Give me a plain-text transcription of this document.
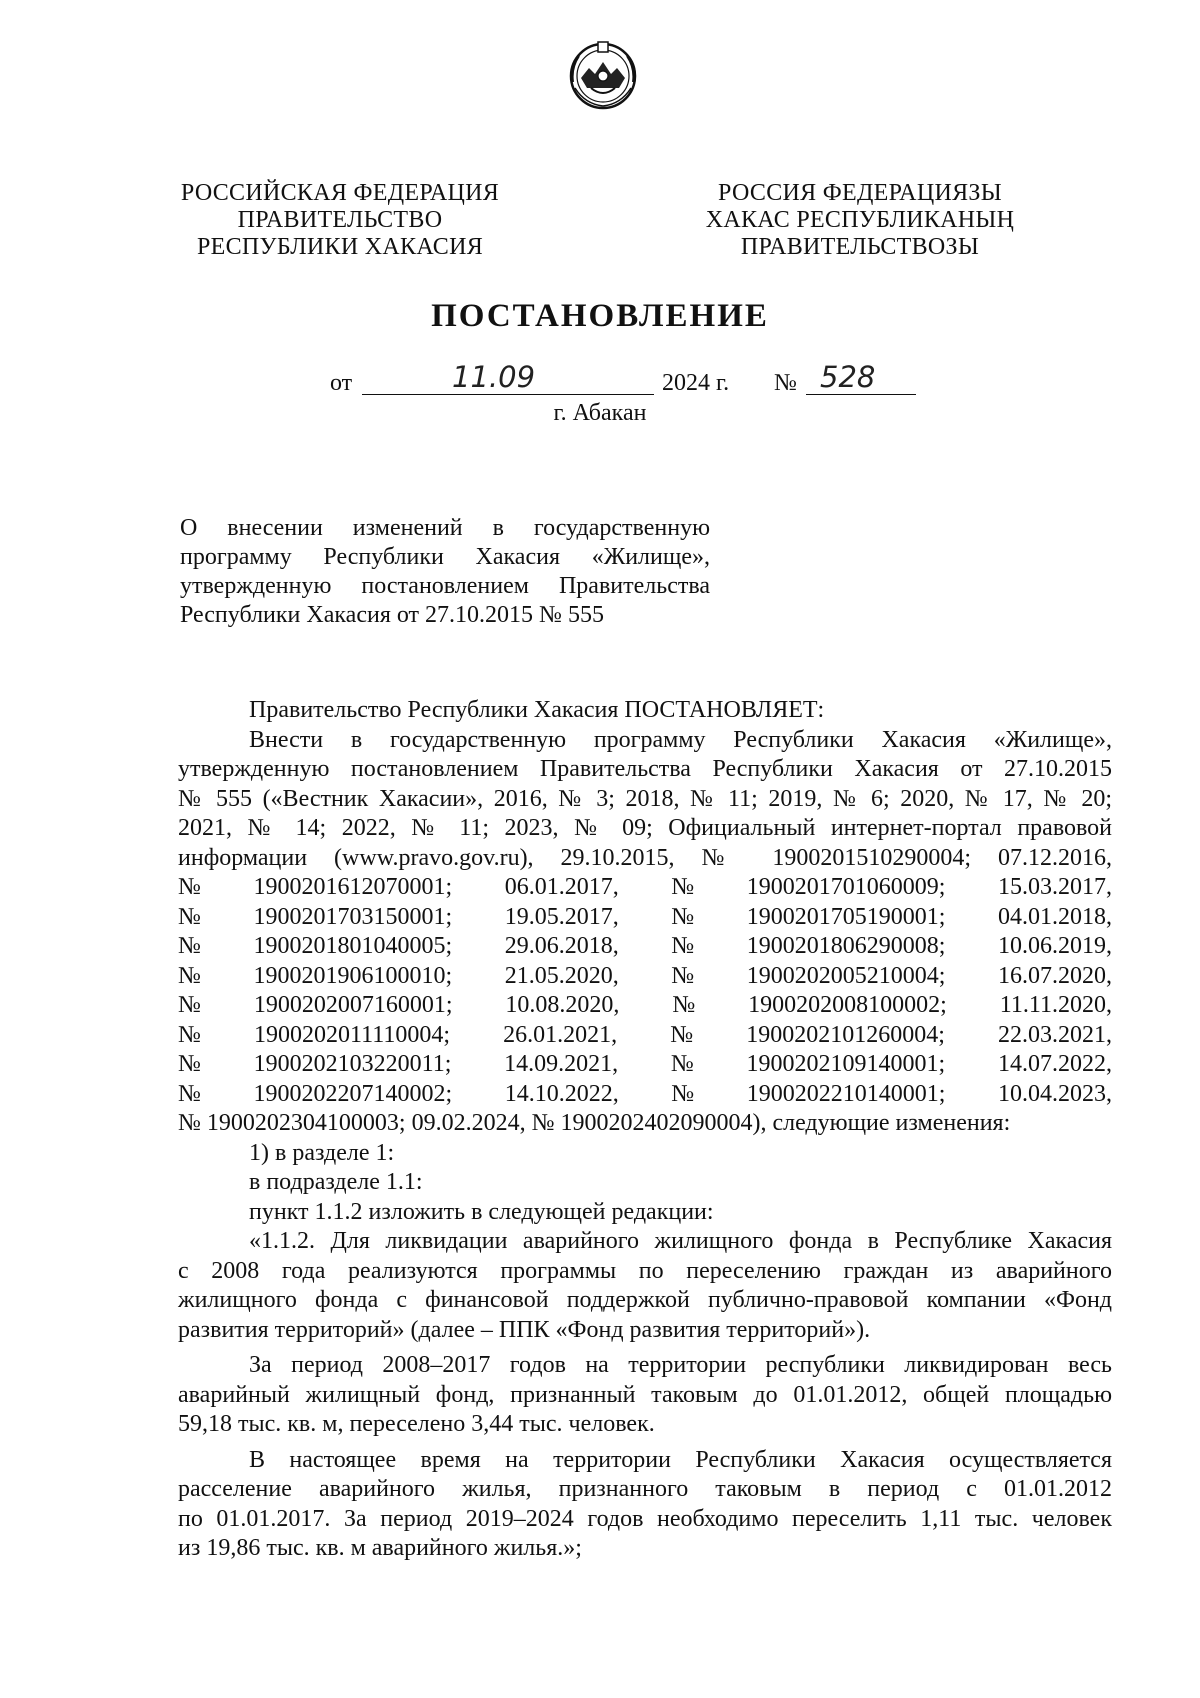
РОССИЙСКАЯ ФЕДЕРАЦИЯ
ПРАВИТЕЛЬСТВО
РЕСПУБЛИКИ ХАКАСИЯ
РОССИЯ ФЕДЕРАЦИЯЗЫ
ХАКАС РЕСПУБЛИКАНЫҢ
ПРАВИТЕЛЬСТВОЗЫ
ПОСТАНОВЛЕНИЕ
от	11.09	2024 г. № 528
г. Абакан
О внесении изменений в государственную
программу Республики Хакасия «Жилище»,
утвержденную постановлением Правительства
Республики Хакасия от 27.10.2015 № 555

Правительство Республики Хакасия ПОСТАНОВЛЯЕТ:

Внести в государственную программу Республики Хакасия «Жилище»,
утвержденную постановлением Правительства Республики Хакасия от 27.10.2015
№ 555 («Вестник Хакасии», 2016, № 3; 2018, № 11; 2019, № 6; 2020, № 17, № 20;
2021, № 14; 2022, № 11; 2023, № 09; Официальный интернет-портал правовой
информации (www.pravo.gov.ru), 29.10.2015, № 1900201510290004; 07.12.2016,
№ 1900201612070001; 06.01.2017, № 1900201701060009; 15.03.2017,
№ 1900201703150001; 19.05.2017, № 1900201705190001; 04.01.2018,
№ 1900201801040005; 29.06.2018, № 1900201806290008; 10.06.2019,
№ 1900201906100010; 21.05.2020, № 1900202005210004; 16.07.2020,
№ 1900202007160001; 10.08.2020, № 1900202008100002; 11.11.2020,
№ 1900202011110004; 26.01.2021, № 1900202101260004; 22.03.2021,
№ 1900202103220011; 14.09.2021, № 1900202109140001; 14.07.2022,
№ 1900202207140002; 14.10.2022, № 1900202210140001; 10.04.2023,
№ 1900202304100003; 09.02.2024, № 1900202402090004), следующие изменения:

1) в разделе 1:

в подразделе 1.1:

пункт 1.1.2 изложить в следующей редакции:

«1.1.2. Для ликвидации аварийного жилищного фонда в Республике Хакасия
с 2008 года реализуются программы по переселению граждан из аварийного
жилищного фонда с финансовой поддержкой публично-правовой компании «Фонд
развития территорий» (далее – ППК «Фонд развития территорий»).
За период 2008–2017 годов на территории республики ликвидирован весь
аварийный жилищный фонд, признанный таковым до 01.01.2012, общей площадью
59,18 тыс. кв. м, переселено 3,44 тыс. человек.
В настоящее время на территории Республики Хакасия осуществляется
расселение аварийного жилья, признанного таковым в период с 01.01.2012
по 01.01.2017. За период 2019–2024 годов необходимо переселить 1,11 тыс. человек
из 19,86 тыс. кв. м аварийного жилья.»;
